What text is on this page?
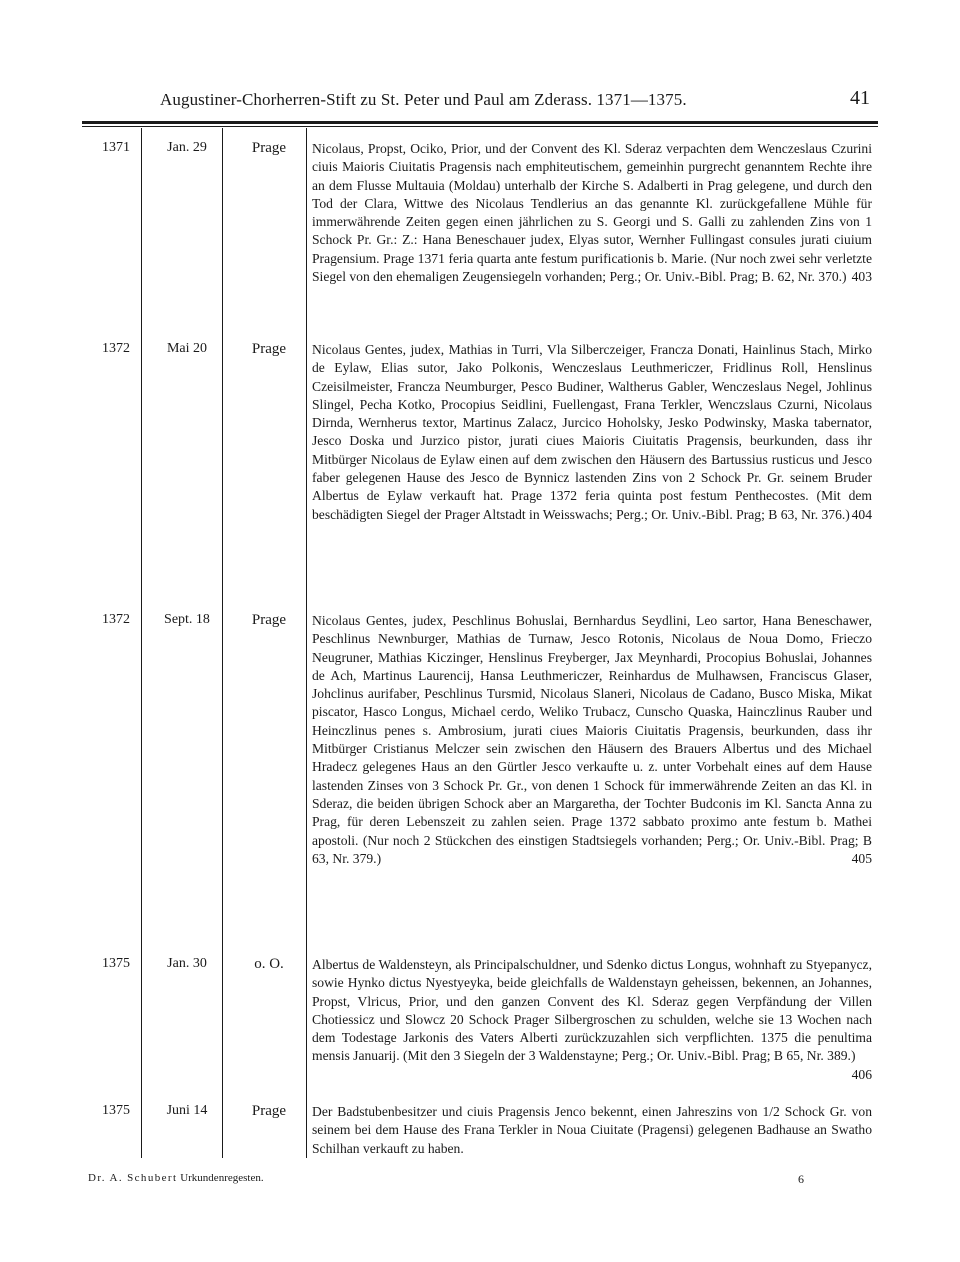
Augustiner-Chorherren-Stift zu St. Peter und Paul am Zderass. 1371—1375.	41
1371	Jan. 29	Prage	Nicolaus, Propst, Ociko, Prior, und der Convent des Kl. Sderaz verpachten dem Wenczeslaus Czurini ciuis Maioris Ciuitatis Pragensis nach emphiteutischem, gemeinhin purgrecht genanntem Rechte ihre an dem Flusse Multauia (Moldau) unterhalb der Kirche S. Adalberti in Prag gelegene, und durch den Tod der Clara, Wittwe des Nicolaus Tendlerius an das genannte Kl. zurückgefallene Mühle für immerwährende Zeiten gegen einen jährlichen zu S. Georgi und S. Galli zu zahlenden Zins von 1 Schock Pr. Gr.: Z.: Hana Beneschauer judex, Elyas sutor, Wernher Fullingast consules jurati ciuium Pragensium. Prage 1371 feria quarta ante festum purificationis b. Marie. (Nur noch zwei sehr verletzte Siegel von den ehemaligen Zeugensiegeln vorhanden; Perg.; Or. Univ.-Bibl. Prag; B. 62, Nr. 370.) 403

1372	Mai 20	Prage	Nicolaus Gentes, judex, Mathias in Turri, Vla Silberczeiger, Francza Donati, Hainlinus Stach, Mirko de Eylaw, Elias sutor, Jako Polkonis, Wenczeslaus Leuthmericzer, Fridlinus Roll, Henslinus Czeisilmeister, Francza Neumburger, Pesco Budiner, Waltherus Gabler, Wenczeslaus Negel, Johlinus Slingel, Pecha Kotko, Procopius Seidlini, Fuellengast, Frana Terkler, Wenczslaus Czurni, Nicolaus Dirnda, Wernherus textor, Martinus Zalacz, Jurcico Hoholsky, Jesko Podwinsky, Maska tabernator, Jesco Doska und Jurzico pistor, jurati ciues Maioris Ciuitatis Pragensis, beurkunden, dass ihr Mitbürger Nicolaus de Eylaw einen auf dem zwischen den Häusern des Bartussius rusticus und Jesco faber gelegenen Hause des Jesco de Bynnicz lastenden Zins von 2 Schock Pr. Gr. seinem Bruder Albertus de Eylaw verkauft hat. Prage 1372 feria quinta post festum Penthecostes. (Mit dem beschädigten Siegel der Prager Altstadt in Weisswachs; Perg.; Or. Univ.-Bibl. Prag; B 63, Nr. 376.) 404

1372	Sept. 18	Prage	Nicolaus Gentes, judex, Peschlinus Bohuslai, Bernhardus Seydlini, Leo sartor, Hana Beneschawer, Peschlinus Newnburger, Mathias de Turnaw, Jesco Rotonis, Nicolaus de Noua Domo, Frieczo Neugruner, Mathias Kiczinger, Henslinus Freyberger, Jax Meynhardi, Procopius Bohuslai, Johannes de Ach, Martinus Laurencij, Hansa Leuthmericzer, Reinhardus de Mulhawsen, Franciscus Glaser, Johclinus aurifaber, Peschlinus Tursmid, Nicolaus Slaneri, Nicolaus de Cadano, Busco Miska, Mikat piscator, Hasco Longus, Michael cerdo, Weliko Trubacz, Cunscho Quaska, Hainczlinus Rauber und Heinczlinus penes s. Ambrosium, jurati ciues Maioris Ciuitatis Pragensis, beurkunden, dass ihr Mitbürger Cristianus Melczer sein zwischen den Häusern des Brauers Albertus und des Michael Hradecz gelegenes Haus an den Gürtler Jesco verkaufte u. z. unter Vorbehalt eines auf dem Hause lastenden Zinses von 3 Schock Pr. Gr., von denen 1 Schock für immerwährende Zeiten an das Kl. in Sderaz, die beiden übrigen Schock aber an Margaretha, der Tochter Budconis im Kl. Sancta Anna zu Prag, für deren Lebenszeit zu zahlen seien. Prage 1372 sabbato proximo ante festum b. Mathei apostoli. (Nur noch 2 Stückchen des einstigen Stadtsiegels vorhanden; Perg.; Or. Univ.-Bibl. Prag; B 63, Nr. 379.)	405

1375	Jan. 30	o. O.	Albertus de Waldensteyn, als Principalschuldner, und Sdenko dictus Longus, wohnhaft zu Styepanycz, sowie Hynko dictus Nyestyeyka, beide gleichfalls de Waldenstayn geheissen, bekennen, an Johannes, Propst, Vlricus, Prior, und den ganzen Convent des Kl. Sderaz gegen Verpfändung der Villen Chotiessicz und Slowcz 20 Schock Prager Silbergroschen zu schulden, welche sie 13 Wochen nach dem Todestage Jarkonis des Vaters Alberti zurückzuzahlen sich verpflichten. 1375 die penultima mensis Januarij. (Mit den 3 Siegeln der 3 Waldenstayne; Perg.; Or. Univ.-Bibl. Prag; B 65, Nr. 389.)
406

1375	Juni 14	Prage	Der Badstubenbesitzer und ciuis Pragensis Jenco bekennt, einen Jahreszins von 1/2 Schock Gr. von seinem bei dem Hause des Frana Terkler in Noua Ciuitate (Pragensi) gelegenen Badhause an Swatho Schilhan verkauft zu haben.

Dr. A. Schubert Urkundenregesten.	6
